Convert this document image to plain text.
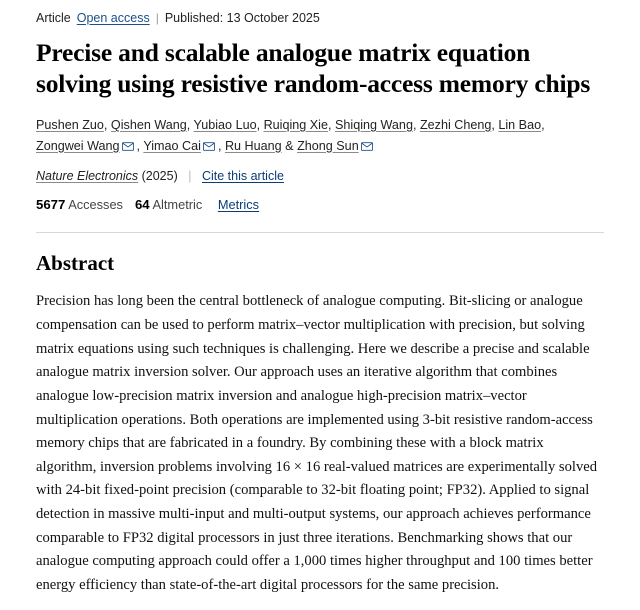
Article Open access | Published: 13 October 2025
Precise and scalable analogue matrix equation solving using resistive random-access memory chips
Pushen Zuo, Qishen Wang, Yubiao Luo, Ruiqing Xie, Shiqing Wang, Zezhi Cheng, Lin Bao, Zongwei Wang , Yimao Cai , Ru Huang & Zhong Sun
Nature Electronics (2025) | Cite this article
5677 Accesses 64 Altmetric Metrics
Abstract

Precision has long been the central bottleneck of analogue computing. Bit-slicing or analogue compensation can be used to perform matrix–vector multiplication with precision, but solving matrix equations using such techniques is challenging. Here we describe a precise and scalable analogue matrix inversion solver. Our approach uses an iterative algorithm that combines analogue low-precision matrix inversion and analogue high-precision matrix–vector multiplication operations. Both operations are implemented using 3-bit resistive random-access memory chips that are fabricated in a foundry. By combining these with a block matrix algorithm, inversion problems involving 16 × 16 real-valued matrices are experimentally solved with 24-bit fixed-point precision (comparable to 32-bit floating point; FP32). Applied to signal detection in massive multi-input and multi-output systems, our approach achieves performance comparable to FP32 digital processors in just three iterations. Benchmarking shows that our analogue computing approach could offer a 1,000 times higher throughput and 100 times better energy efficiency than state-of-the-art digital processors for the same precision.
